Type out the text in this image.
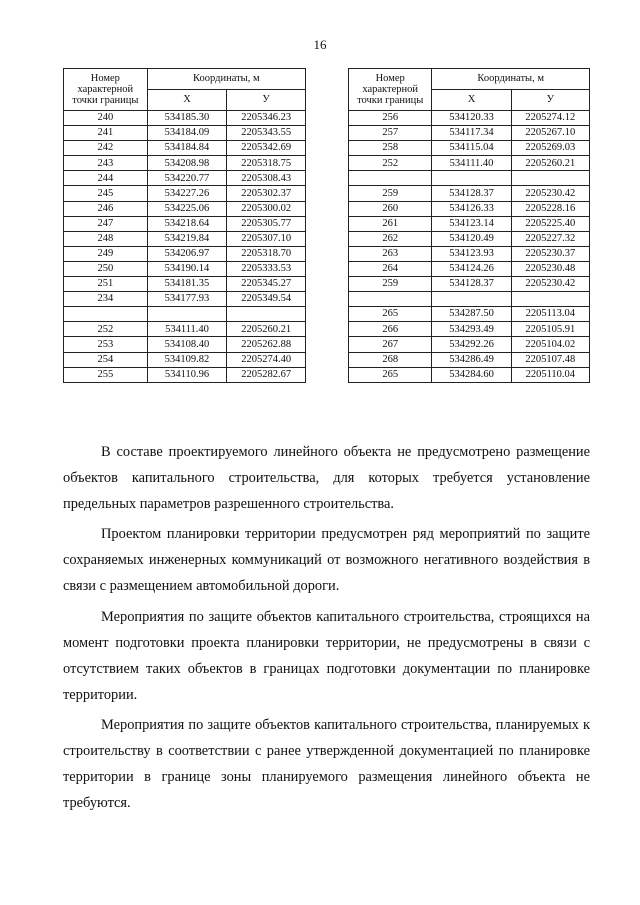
16
Номер характерной точки границы	Координаты, м	
	X	У
240	534185.30	2205346.23
241	534184.09	2205343.55
242	534184.84	2205342.69
243	534208.98	2205318.75
244	534220.77	2205308.43
245	534227.26	2205302.37
246	534225.06	2205300.02
247	534218.64	2205305.77
248	534219.84	2205307.10
249	534206.97	2205318.70
250	534190.14	2205333.53
251	534181.35	2205345.27
234	534177.93	2205349.54

252	534111.40	2205260.21
253	534108.40	2205262.88
254	534109.82	2205274.40
255	534110.96	2205282.67
Номер характерной точки границы	Координаты, м	
	X	У
256	534120.33	2205274.12
257	534117.34	2205267.10
258	534115.04	2205269.03
252	534111.40	2205260.21

259	534128.37	2205230.42
260	534126.33	2205228.16
261	534123.14	2205225.40
262	534120.49	2205227.32
263	534123.93	2205230.37
264	534124.26	2205230.48
259	534128.37	2205230.42

265	534287.50	2205113.04
266	534293.49	2205105.91
267	534292.26	2205104.02
268	534286.49	2205107.48
265	534284.60	2205110.04

В составе проектируемого линейного объекта не предусмотрено размещение объектов капитального строительства, для которых требуется установление предельных параметров разрешенного строительства.

Проектом планировки территории предусмотрен ряд мероприятий по защите сохраняемых инженерных коммуникаций от возможного негативного воздействия в связи с размещением автомобильной дороги.

Мероприятия по защите объектов капитального строительства, строящихся на момент подготовки проекта планировки территории, не предусмотрены в связи с отсутствием таких объектов в границах подготовки документации по планировке территории.

Мероприятия по защите объектов капитального строительства, планируемых к строительству в соответствии с ранее утвержденной документацией по планировке территории в границе зоны планируемого размещения линейного объекта не требуются.
